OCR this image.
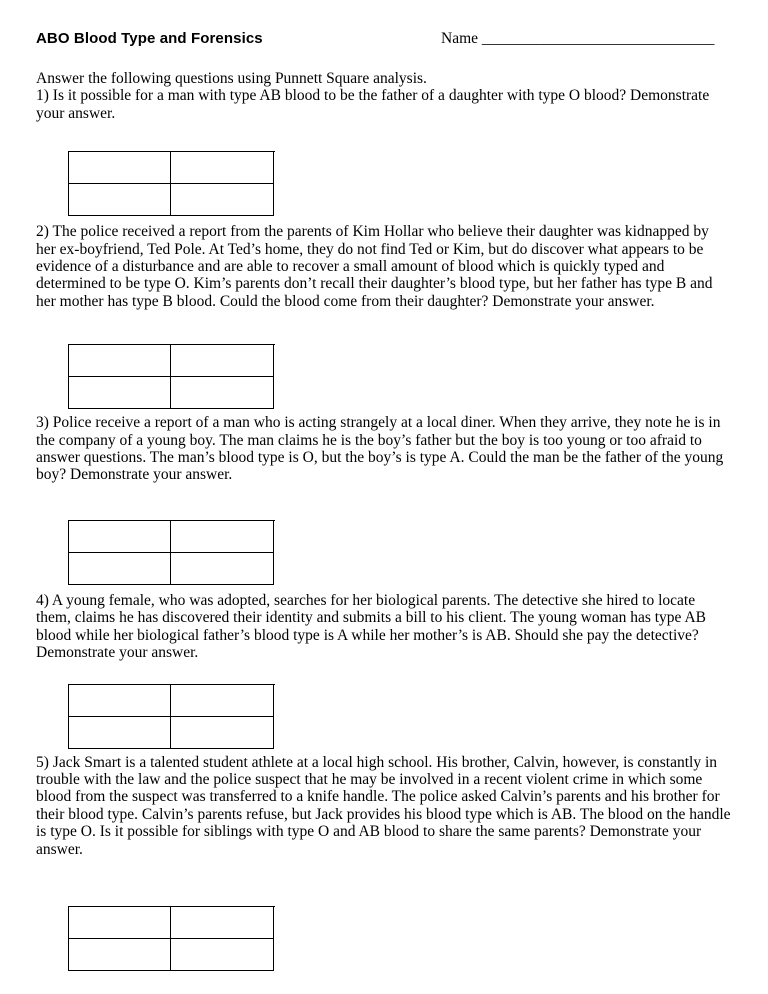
ABO Blood Type and Forensics	Name ______________________________

Answer the following questions using Punnett Square analysis.

1) Is it possible for a man with type AB blood to be the father of a daughter with type O blood? Demonstrate your answer.

2) The police received a report from the parents of Kim Hollar who believe their daughter was kidnapped by her ex-boyfriend, Ted Pole. At Ted’s home, they do not find Ted or Kim, but do discover what appears to be evidence of a disturbance and are able to recover a small amount of blood which is quickly typed and determined to be type O. Kim’s parents don’t recall their daughter’s blood type, but her father has type B and her mother has type B blood. Could the blood come from their daughter? Demonstrate your answer.

3) Police receive a report of a man who is acting strangely at a local diner. When they arrive, they note he is in the company of a young boy. The man claims he is the boy’s father but the boy is too young or too afraid to answer questions. The man’s blood type is O, but the boy’s is type A. Could the man be the father of the young boy? Demonstrate your answer.

4) A young female, who was adopted, searches for her biological parents. The detective she hired to locate them, claims he has discovered their identity and submits a bill to his client. The young woman has type AB blood while her biological father’s blood type is A while her mother’s is AB. Should she pay the detective? Demonstrate your answer.

5) Jack Smart is a talented student athlete at a local high school. His brother, Calvin, however, is constantly in trouble with the law and the police suspect that he may be involved in a recent violent crime in which some blood from the suspect was transferred to a knife handle. The police asked Calvin’s parents and his brother for their blood type. Calvin’s parents refuse, but Jack provides his blood type which is AB. The blood on the handle is type O. Is it possible for siblings with type O and AB blood to share the same parents? Demonstrate your answer.
